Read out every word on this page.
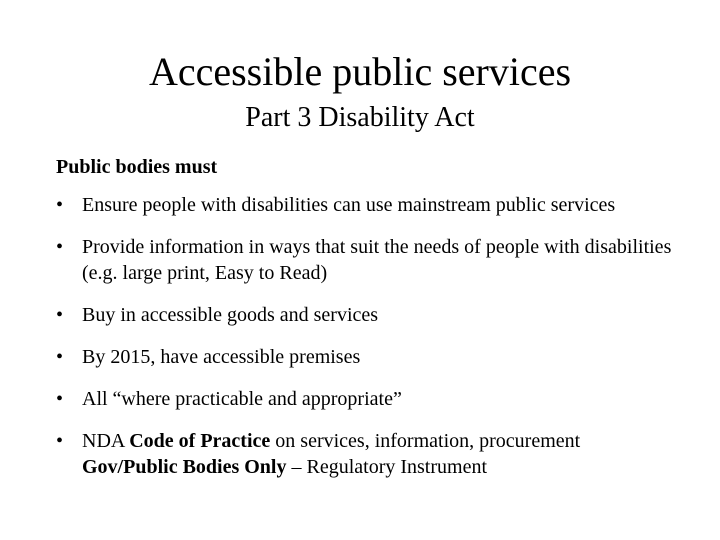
Accessible public services
Part 3 Disability Act
Public bodies must
• Ensure people with disabilities can use mainstream public services
• Provide information in ways that suit the needs of people with disabilities (e.g. large print, Easy to Read)
• Buy in accessible goods and services
• By 2015, have accessible premises
• All “where practicable and appropriate”
• NDA Code of Practice on services, information, procurement Gov/Public Bodies Only – Regulatory Instrument
